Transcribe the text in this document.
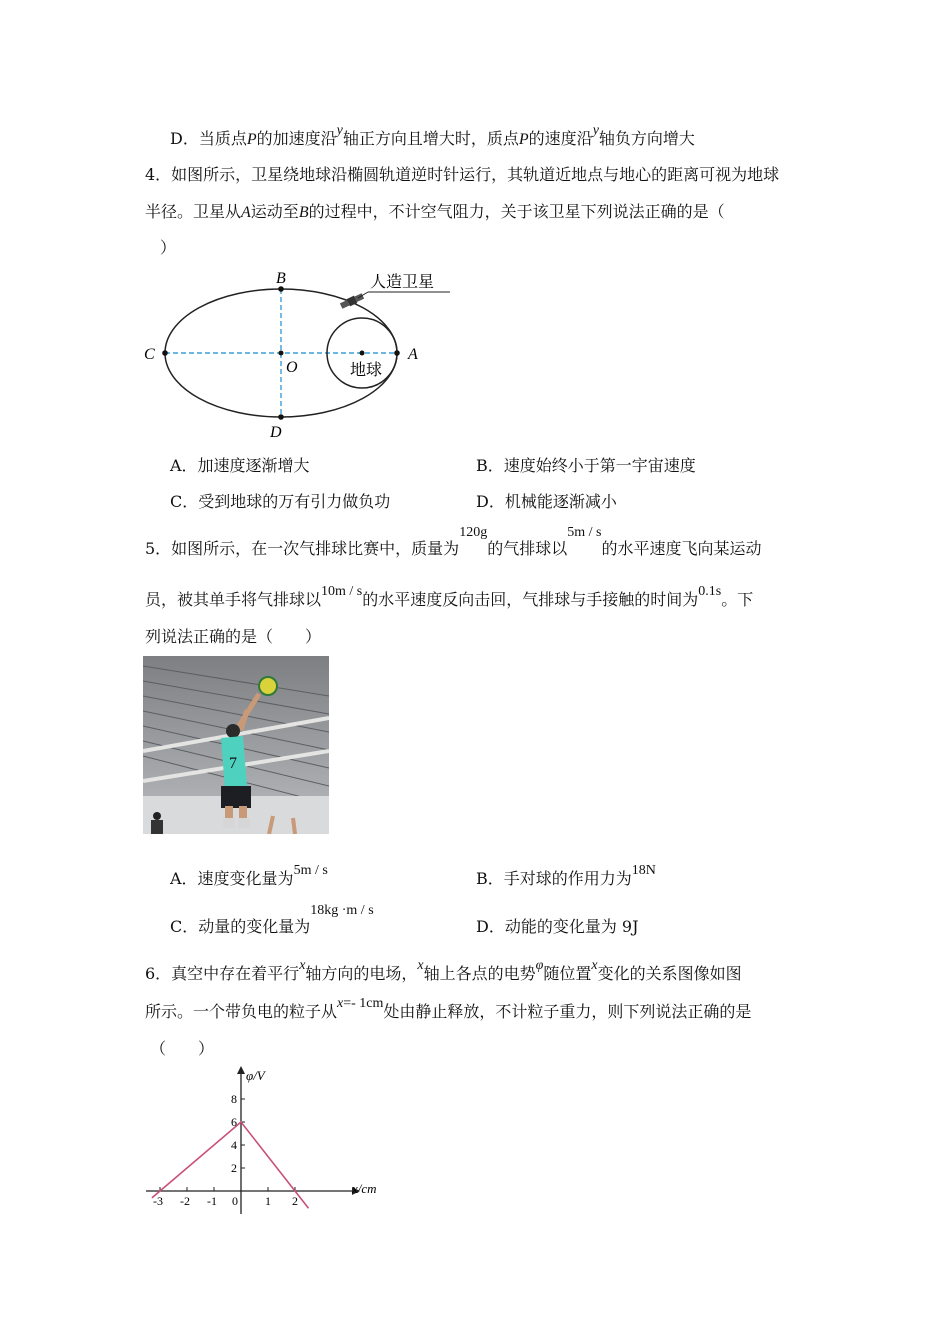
D．当质点P的加速度沿y轴正方向且增大时，质点P的速度沿y轴负方向增大
4．如图所示，卫星绕地球沿椭圆轨道逆时针运行，其轨道近地点与地心的距离可视为地球
半径。卫星从A运动至B的过程中，不计空气阻力，关于该卫星下列说法正确的是（
）
B
C	A
D
O	地球
人造卫星
A．加速度逐渐增大	B．速度始终小于第一宇宙速度
C．受到地球的万有引力做负功	D．机械能逐渐减小
5．如图所示，在一次气排球比赛中，质量为120g的气排球以5m / s的水平速度飞向某运动
员，被其单手将气排球以10m / s的水平速度反向击回，气排球与手接触的时间为0.1s。下
列说法正确的是（　　）
7
A．速度变化量为5m / s	B．手对球的作用力为18N
C．动量的变化量为18kg ·m / s
D．动能的变化量为 9J
6．真空中存在着平行x轴方向的电场，x轴上各点的电势φ随位置x变化的关系图像如图
所示。一个带负电的粒子从x=- 1cm处由静止释放，不计粒子重力，则下列说法正确的是
（　　）
φ/V
x/cm
-3 -2 -1 0 1 2
2
4
6
8
